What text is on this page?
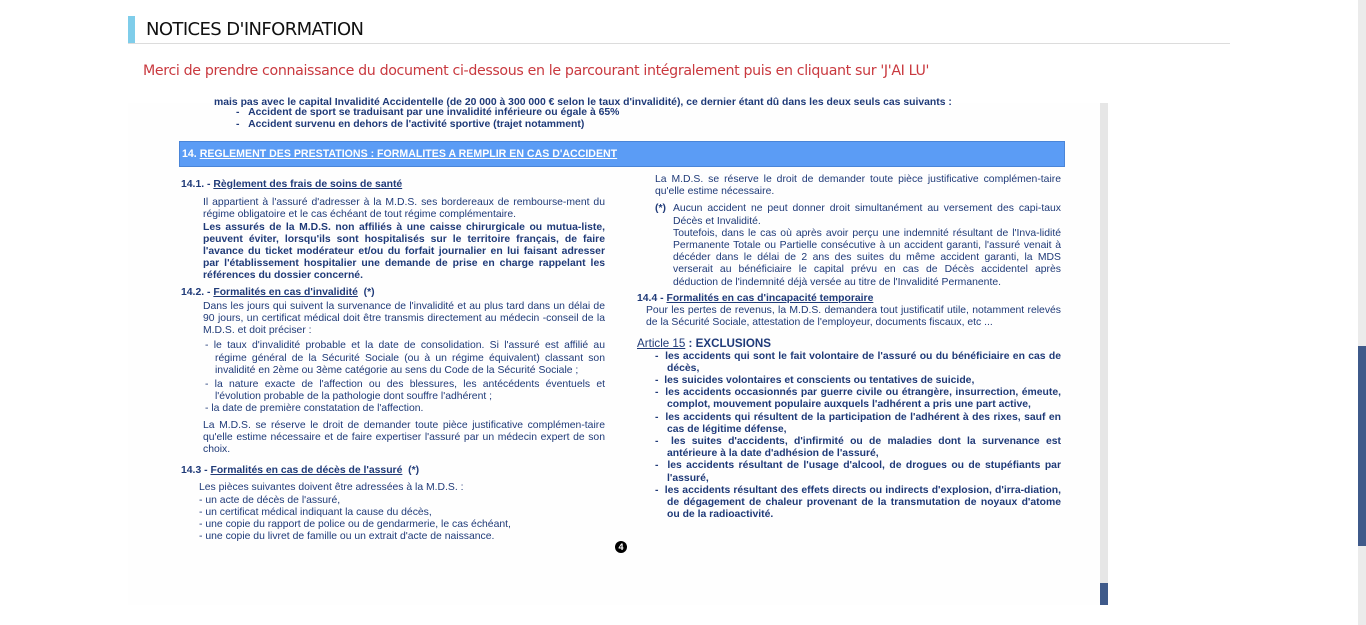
NOTICES D'INFORMATION
Merci de prendre connaissance du document ci-dessous en le parcourant intégralement puis en cliquant sur 'J'AI LU'
mais pas avec le capital Invalidité Accidentelle (de 20 000 à 300 000 € selon le taux d'invalidité), ce dernier étant dû dans les deux seuls cas suivants :
-   Accident de sport se traduisant par une invalidité inférieure ou égale à 65%
-   Accident survenu en dehors de l'activité sportive (trajet notamment)
14. REGLEMENT DES PRESTATIONS : FORMALITES A REMPLIR EN CAS D'ACCIDENT
14.1. - Règlement des frais de soins de santé
Il appartient à l'assuré d'adresser à la M.D.S. ses bordereaux de rembourse-ment du régime obligatoire et le cas échéant de tout régime complémentaire.
Les assurés de la M.D.S. non affiliés à une caisse chirurgicale ou mutua-liste, peuvent éviter, lorsqu'ils sont hospitalisés sur le territoire français, de faire l'avance du ticket modérateur et/ou du forfait journalier en lui faisant adresser par l'établissement hospitalier une demande de prise en charge rappelant les références du dossier concerné.
14.2. - Formalités en cas d'invalidité (*)
Dans les jours qui suivent la survenance de l'invalidité et au plus tard dans un délai de 90 jours, un certificat médical doit être transmis directement au médecin -conseil de la M.D.S. et doit préciser :
- le taux d'invalidité probable et la date de consolidation. Si l'assuré est affilié au régime général de la Sécurité Sociale (ou à un régime équivalent) classant son invalidité en 2ème ou 3ème catégorie au sens du Code de la Sécurité Sociale ;
- la nature exacte de l'affection ou des blessures, les antécédents éventuels et l'évolution probable de la pathologie dont souffre l'adhérent ;
- la date de première constatation de l'affection.
La M.D.S. se réserve le droit de demander toute pièce justificative complémen-taire qu'elle estime nécessaire et de faire expertiser l'assuré par un médecin expert de son choix.
14.3 - Formalités en cas de décès de l'assuré (*)
Les pièces suivantes doivent être adressées à la M.D.S. :
- un acte de décès de l'assuré,
- un certificat médical indiquant la cause du décès,
- une copie du rapport de police ou de gendarmerie, le cas échéant,
- une copie du livret de famille ou un extrait d'acte de naissance.
4
La M.D.S. se réserve le droit de demander toute pièce justificative complémen-taire qu'elle estime nécessaire.
(*) Aucun accident ne peut donner droit simultanément au versement des capi-taux Décès et Invalidité.
Toutefois, dans le cas où après avoir perçu une indemnité résultant de l'Inva-lidité Permanente Totale ou Partielle consécutive à un accident garanti, l'assuré venait à décéder dans le délai de 2 ans des suites du même accident garanti, la MDS verserait au bénéficiaire le capital prévu en cas de Décès accidentel après déduction de l'indemnité déjà versée au titre de l'Invalidité Permanente.
14.4 - Formalités en cas d'incapacité temporaire
Pour les pertes de revenus, la M.D.S. demandera tout justificatif utile, notamment relevés de la Sécurité Sociale, attestation de l'employeur, documents fiscaux, etc ...
Article 15 : EXCLUSIONS
-  les accidents qui sont le fait volontaire de l'assuré ou du bénéficiaire en cas de décès,
-  les suicides volontaires et conscients ou tentatives de suicide,
-  les accidents occasionnés par guerre civile ou étrangère, insurrection, émeute, complot, mouvement populaire auxquels l'adhérent a pris une part active,
-  les accidents qui résultent de la participation de l'adhérent à des rixes, sauf en cas de légitime défense,
-  les suites d'accidents, d'infirmité ou de maladies dont la survenance est antérieure à la date d'adhésion de l'assuré,
-  les accidents résultant de l'usage d'alcool, de drogues ou de stupéfiants par l'assuré,
-  les accidents résultant des effets directs ou indirects d'explosion, d'irra-diation, de dégagement de chaleur provenant de la transmutation de noyaux d'atome ou de la radioactivité.
